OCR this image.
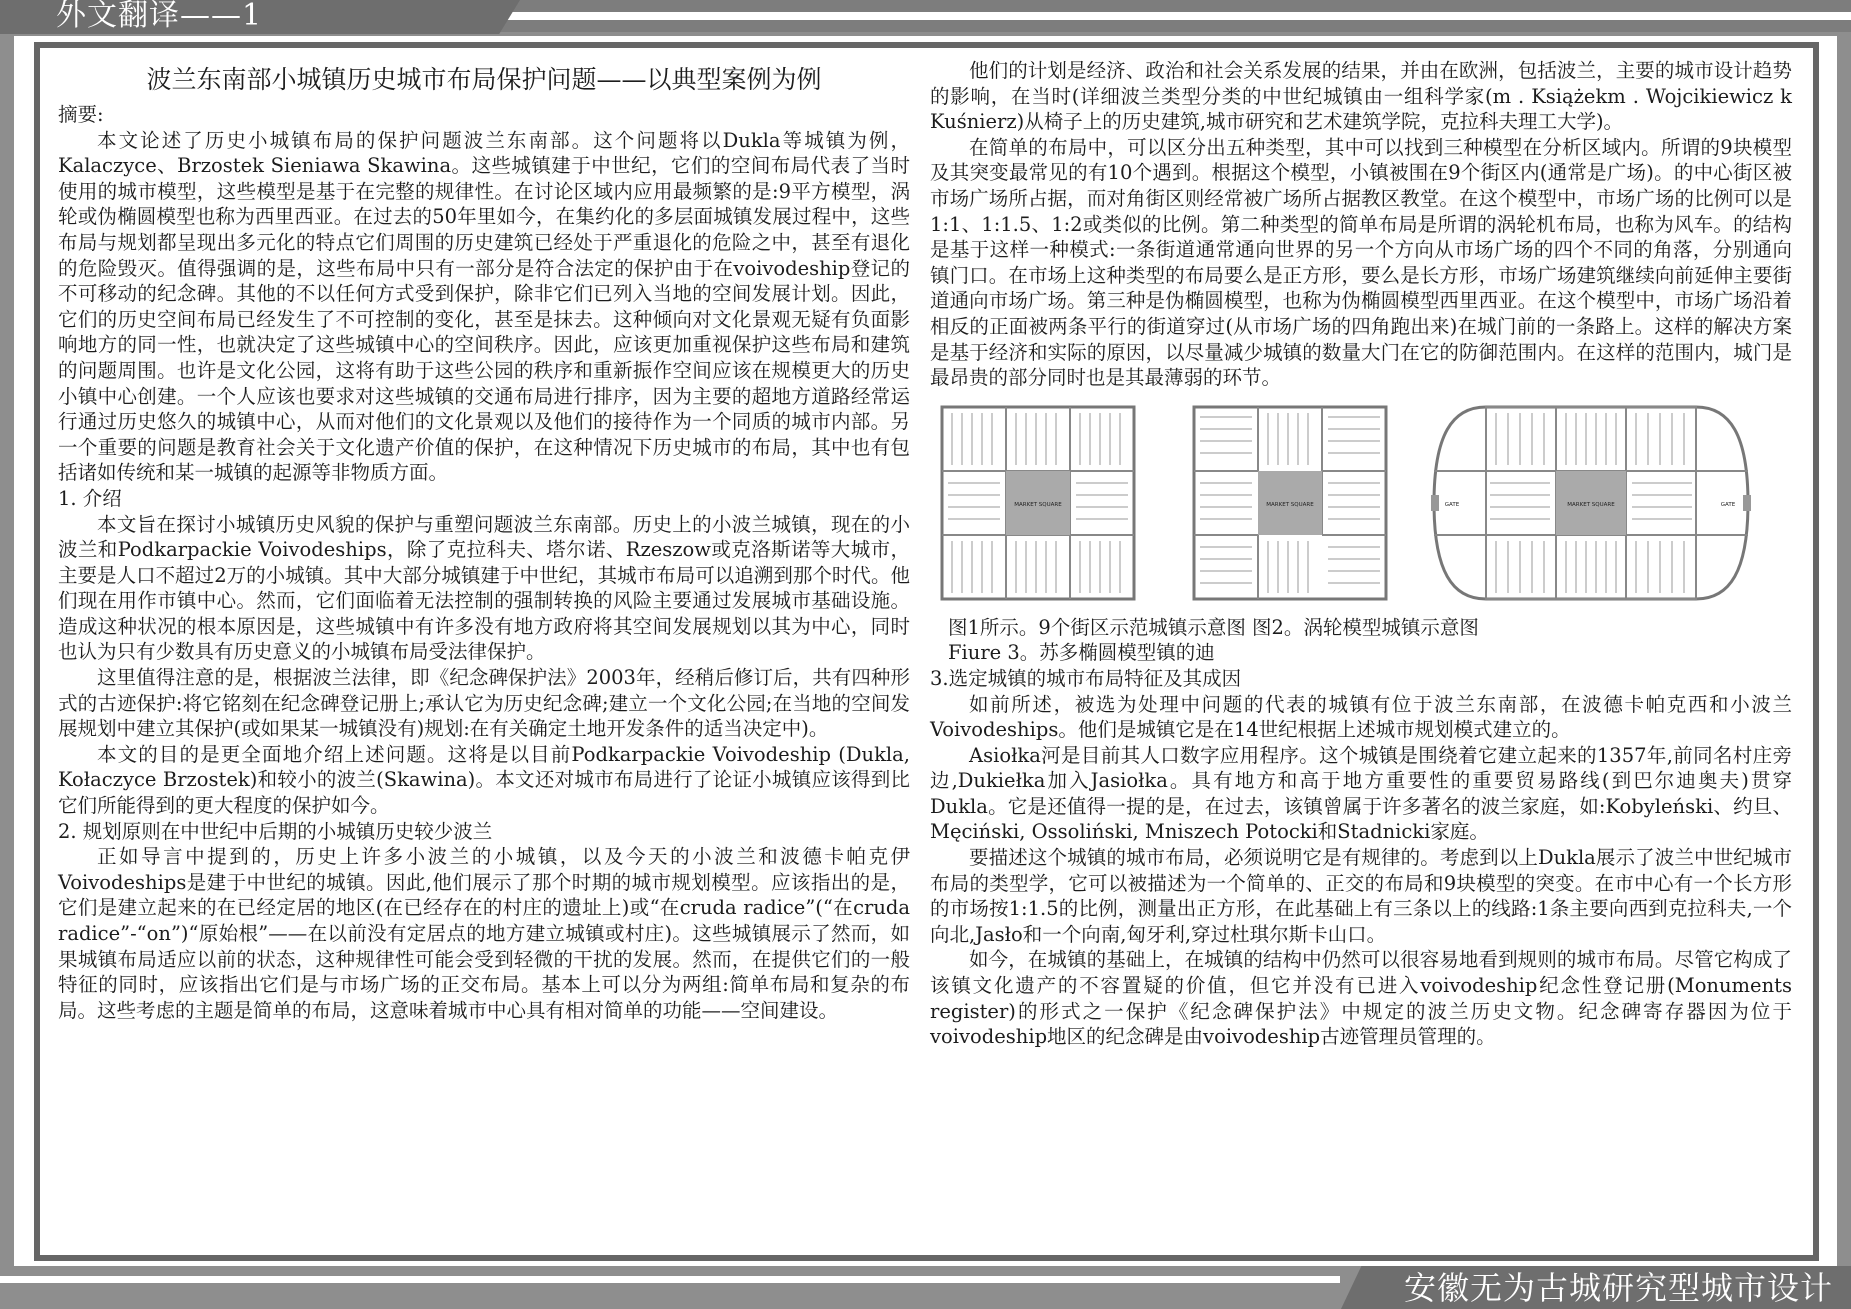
外文翻译——1
波兰东南部小城镇历史城市布局保护问题——以典型案例为例

摘要:

本文论述了历史小城镇布局的保护问题波兰东南部。这个问题将以Dukla等城镇为例，Kalaczyce、Brzostek Sieniawa Skawina。这些城镇建于中世纪，它们的空间布局代表了当时使用的城市模型，这些模型是基于在完整的规律性。在讨论区域内应用最频繁的是:9平方模型，涡轮或伪椭圆模型也称为西里西亚。在过去的50年里如今，在集约化的多层面城镇发展过程中，这些布局与规划都呈现出多元化的特点它们周围的历史建筑已经处于严重退化的危险之中，甚至有退化的危险毁灭。值得强调的是，这些布局中只有一部分是符合法定的保护由于在voivodeship登记的不可移动的纪念碑。其他的不以任何方式受到保护，除非它们已列入当地的空间发展计划。因此，它们的历史空间布局已经发生了不可控制的变化，甚至是抹去。这种倾向对文化景观无疑有负面影响地方的同一性，也就决定了这些城镇中心的空间秩序。因此，应该更加重视保护这些布局和建筑的问题周围。也许是文化公园，这将有助于这些公园的秩序和重新振作空间应该在规模更大的历史小镇中心创建。一个人应该也要求对这些城镇的交通布局进行排序，因为主要的超地方道路经常运行通过历史悠久的城镇中心，从而对他们的文化景观以及他们的接待作为一个同质的城市内部。另一个重要的问题是教育社会关于文化遗产价值的保护，在这种情况下历史城市的布局，其中也有包括诸如传统和某一城镇的起源等非物质方面。

1. 介绍

本文旨在探讨小城镇历史风貌的保护与重塑问题波兰东南部。历史上的小波兰城镇，现在的小波兰和Podkarpackie Voivodeships，除了克拉科夫、塔尔诺、Rzeszow或克洛斯诺等大城市，主要是人口不超过2万的小城镇。其中大部分城镇建于中世纪，其城市布局可以追溯到那个时代。他们现在用作市镇中心。然而，它们面临着无法控制的强制转换的风险主要通过发展城市基础设施。造成这种状况的根本原因是，这些城镇中有许多没有地方政府将其空间发展规划以其为中心，同时也认为只有少数具有历史意义的小城镇布局受法律保护。

这里值得注意的是，根据波兰法律，即《纪念碑保护法》2003年，经稍后修订后，共有四种形式的古迹保护:将它铭刻在纪念碑登记册上;承认它为历史纪念碑;建立一个文化公园;在当地的空间发展规划中建立其保护(或如果某一城镇没有)规划:在有关确定土地开发条件的适当决定中)。

本文的目的是更全面地介绍上述问题。这将是以目前Podkarpackie Voivodeship (Dukla, Kołaczyce Brzostek)和较小的波兰(Skawina)。本文还对城市布局进行了论证小城镇应该得到比它们所能得到的更大程度的保护如今。

2. 规划原则在中世纪中后期的小城镇历史较少波兰

正如导言中提到的，历史上许多小波兰的小城镇，以及今天的小波兰和波德卡帕克伊Voivodeships是建于中世纪的城镇。因此,他们展示了那个时期的城市规划模型。应该指出的是，它们是建立起来的在已经定居的地区(在已经存在的村庄的遗址上)或“在cruda radice”(“在cruda radice”-“on”)“原始根”——在以前没有定居点的地方建立城镇或村庄)。这些城镇展示了然而，如果城镇布局适应以前的状态，这种规律性可能会受到轻微的干扰的发展。然而，在提供它们的一般特征的同时，应该指出它们是与市场广场的正交布局。基本上可以分为两组:简单布局和复杂的布局。这些考虑的主题是简单的布局，这意味着城市中心具有相对简单的功能——空间建设。

他们的计划是经济、政治和社会关系发展的结果，并由在欧洲，包括波兰，主要的城市设计趋势的影响，在当时(详细波兰类型分类的中世纪城镇由一组科学家(m . Książekm . Wojcikiewicz k Kuśnierz)从椅子上的历史建筑,城市研究和艺术建筑学院，克拉科夫理工大学)。

在简单的布局中，可以区分出五种类型，其中可以找到三种模型在分析区域内。所谓的9块模型及其突变最常见的有10个遇到。根据这个模型，小镇被围在9个街区内(通常是广场)。的中心街区被市场广场所占据，而对角街区则经常被广场所占据教区教堂。在这个模型中，市场广场的比例可以是1:1、1:1.5、1:2或类似的比例。第二种类型的简单布局是所谓的涡轮机布局，也称为风车。的结构是基于这样一种模式:一条街道通常通向世界的另一个方向从市场广场的四个不同的角落，分别通向镇门口。在市场上这种类型的布局要么是正方形，要么是长方形，市场广场建筑继续向前延伸主要街道通向市场广场。第三种是伪椭圆模型，也称为伪椭圆模型西里西亚。在这个模型中，市场广场沿着相反的正面被两条平行的街道穿过(从市场广场的四角跑出来)在城门前的一条路上。这样的解决方案是基于经济和实际的原因，以尽量减少城镇的数量大门在它的防御范围内。在这样的范围内，城门是最昂贵的部分同时也是其最薄弱的环节。

MARKET SQUARE	MARKET SQUARE	GATE	GATE
MARKET SQUARE

图1所示。9个街区示范城镇示意图 图2。涡轮模型城镇示意图

Fiure 3。苏多椭圆模型镇的迪

3.选定城镇的城市布局特征及其成因

如前所述，被选为处理中问题的代表的城镇有位于波兰东南部，在波德卡帕克西和小波兰Voivodeships。他们是城镇它是在14世纪根据上述城市规划模式建立的。

Asiołka河是目前其人口数字应用程序。这个城镇是围绕着它建立起来的1357年,前同名村庄旁边,Dukiełka加入Jasiołka。具有地方和高于地方重要性的重要贸易路线(到巴尔迪奥夫)贯穿Dukla。它是还值得一提的是，在过去，该镇曾属于许多著名的波兰家庭，如:Kobyleński、约旦、Męciński, Ossoliński, Mniszech Potocki和Stadnicki家庭。

要描述这个城镇的城市布局，必须说明它是有规律的。考虑到以上Dukla展示了波兰中世纪城市布局的类型学，它可以被描述为一个简单的、正交的布局和9块模型的突变。在市中心有一个长方形的市场按1:1.5的比例，测量出正方形，在此基础上有三条以上的线路:1条主要向西到克拉科夫,一个向北,Jasło和一个向南,匈牙利,穿过杜琪尔斯卡山口。

如今，在城镇的基础上，在城镇的结构中仍然可以很容易地看到规则的城市布局。尽管它构成了该镇文化遗产的不容置疑的价值，但它并没有已进入voivodeship纪念性登记册(Monuments register)的形式之一保护《纪念碑保护法》中规定的波兰历史文物。纪念碑寄存器因为位于voivodeship地区的纪念碑是由voivodeship古迹管理员管理的。

安徽无为古城研究型城市设计
